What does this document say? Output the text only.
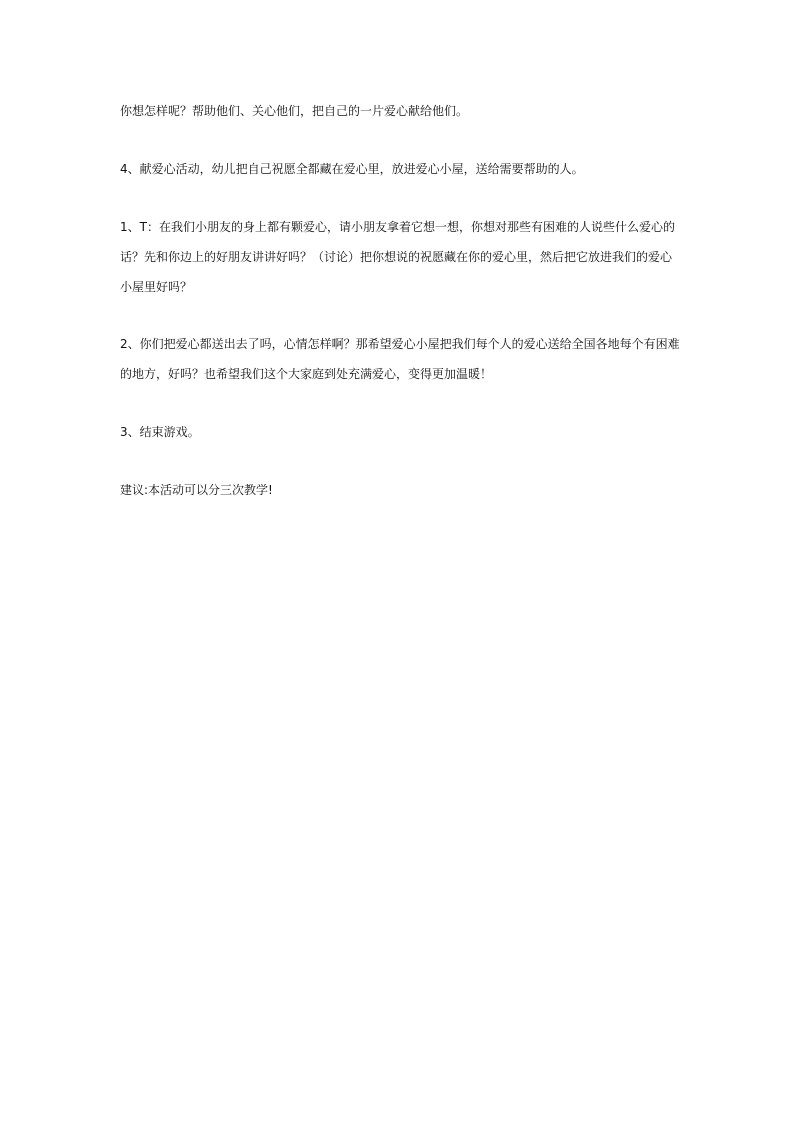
你想怎样呢？帮助他们、关心他们，把自己的一片爱心献给他们。
4、献爱心活动，幼儿把自己祝愿全都藏在爱心里，放进爱心小屋，送给需要帮助的人。
1、T：在我们小朋友的身上都有颗爱心，请小朋友拿着它想一想，你想对那些有困难的人说些什么爱心的
话？先和你边上的好朋友讲讲好吗？（讨论）把你想说的祝愿藏在你的爱心里，然后把它放进我们的爱心
小屋里好吗？
2、你们把爱心都送出去了吗，心情怎样啊？那希望爱心小屋把我们每个人的爱心送给全国各地每个有困难
的地方，好吗？也希望我们这个大家庭到处充满爱心，变得更加温暖！
3、结束游戏。
建议:本活动可以分三次教学!
